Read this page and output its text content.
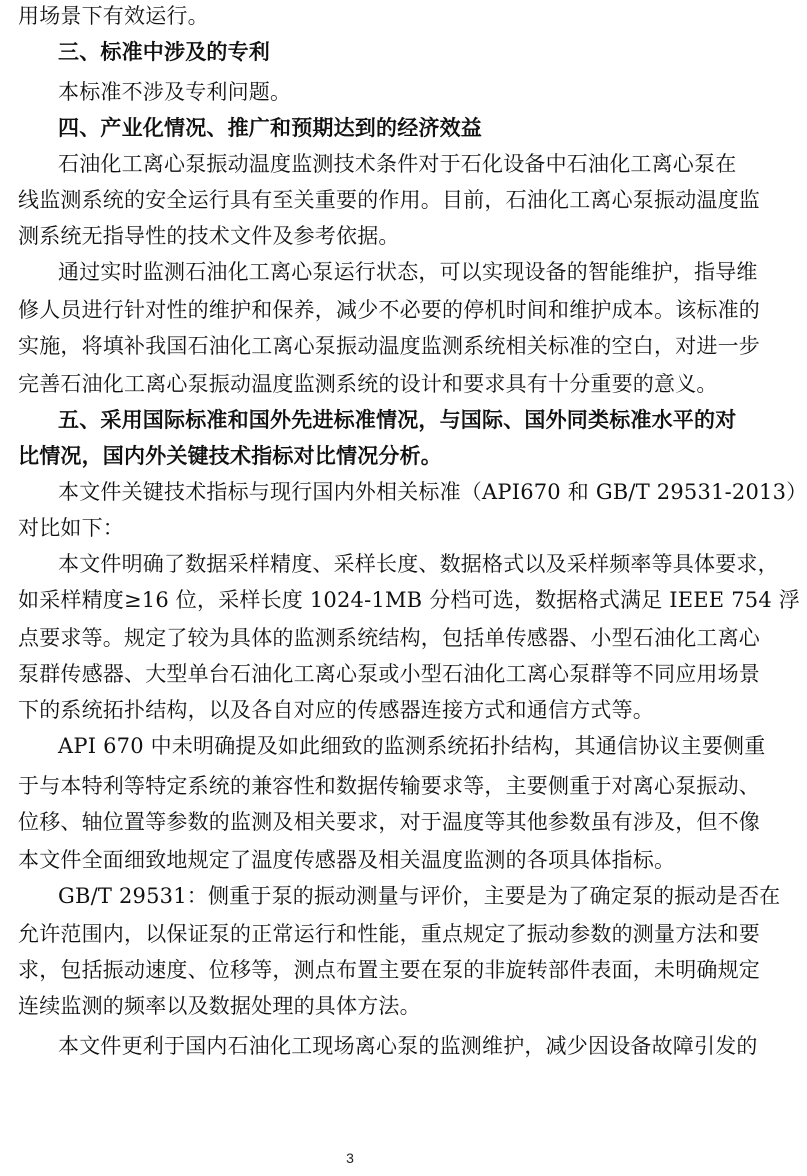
用场景下有效运行。
三、标准中涉及的专利
本标准不涉及专利问题。
四、产业化情况、推广和预期达到的经济效益
石油化工离心泵振动温度监测技术条件对于石化设备中石油化工离心泵在
线监测系统的安全运行具有至关重要的作用。目前，石油化工离心泵振动温度监
测系统无指导性的技术文件及参考依据。
通过实时监测石油化工离心泵运行状态，可以实现设备的智能维护，指导维
修人员进行针对性的维护和保养，减少不必要的停机时间和维护成本。该标准的
实施，将填补我国石油化工离心泵振动温度监测系统相关标准的空白，对进一步
完善石油化工离心泵振动温度监测系统的设计和要求具有十分重要的意义。
五、采用国际标准和国外先进标准情况，与国际、国外同类标准水平的对
比情况，国内外关键技术指标对比情况分析。
本文件关键技术指标与现行国内外相关标准（API670 和 GB/T 29531-2013）
对比如下：
本文件明确了数据采样精度、采样长度、数据格式以及采样频率等具体要求，
如采样精度≥16 位，采样长度 1024-1MB 分档可选，数据格式满足 IEEE 754 浮
点要求等。规定了较为具体的监测系统结构，包括单传感器、小型石油化工离心
泵群传感器、大型单台石油化工离心泵或小型石油化工离心泵群等不同应用场景
下的系统拓扑结构，以及各自对应的传感器连接方式和通信方式等。
API 670 中未明确提及如此细致的监测系统拓扑结构，其通信协议主要侧重
于与本特利等特定系统的兼容性和数据传输要求等，主要侧重于对离心泵振动、
位移、轴位置等参数的监测及相关要求，对于温度等其他参数虽有涉及，但不像
本文件全面细致地规定了温度传感器及相关温度监测的各项具体指标。
GB/T 29531：侧重于泵的振动测量与评价，主要是为了确定泵的振动是否在
允许范围内，以保证泵的正常运行和性能，重点规定了振动参数的测量方法和要
求，包括振动速度、位移等，测点布置主要在泵的非旋转部件表面，未明确规定
连续监测的频率以及数据处理的具体方法。
本文件更利于国内石油化工现场离心泵的监测维护，减少因设备故障引发的
3
